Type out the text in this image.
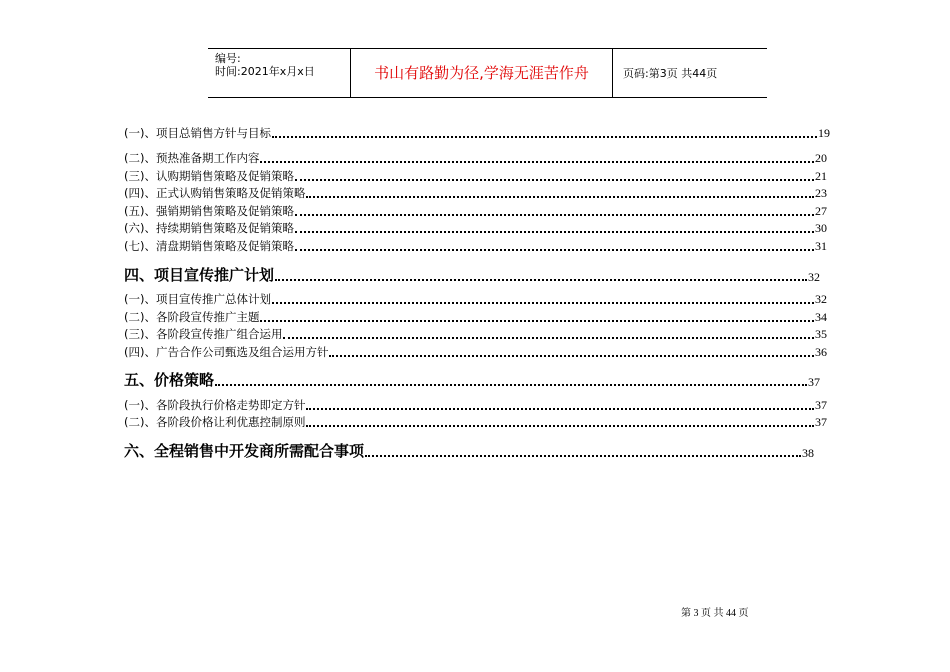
编号:
时间:2021年x月x日	书山有路勤为径,学海无涯苦作舟	页码:第3页 共44页
(一)、项目总销售方针与目标	19
(二)、预热准备期工作内容	20
(三)、认购期销售策略及促销策略	21
(四)、正式认购销售策略及促销策略	23
(五)、强销期销售策略及促销策略	27
(六)、持续期销售策略及促销策略	30
(七)、清盘期销售策略及促销策略	31
四、项目宣传推广计划	32
(一)、项目宣传推广总体计划	32
(二)、各阶段宣传推广主题	34
(三)、各阶段宣传推广组合运用	35
(四)、广告合作公司甄选及组合运用方针	36
五、价格策略	37
(一)、各阶段执行价格走势即定方针	37
(二)、各阶段价格让利优惠控制原则	37
六、全程销售中开发商所需配合事项	38
第 3 页 共 44 页
